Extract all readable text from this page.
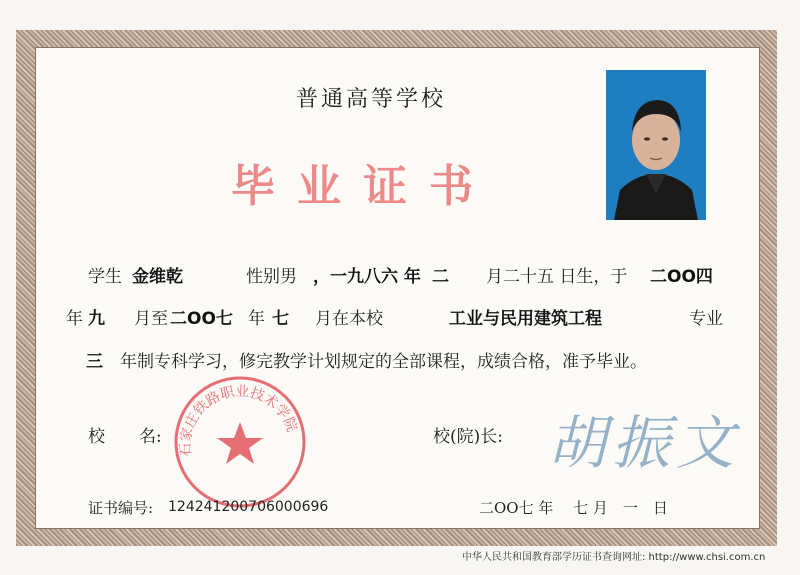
普通高等学校
毕业证书
学生 金维乾	性别男 ，一九八六 年 二 月二十五 日生，于 二OO四
年 九 月至 二OO七 年 七 月在本校	工业与民用建筑工程	专业
三 年制专科学习，修完教学计划规定的全部课程，成绩合格，准予毕业。
校　　名:	校(院)长: 胡振文
石家庄铁路职业技术学院
证书编号: 124241200706000696	二OO七 年　 七 月　一　日
中华人民共和国教育部学历证书查询网址: http://www.chsi.com.cn
